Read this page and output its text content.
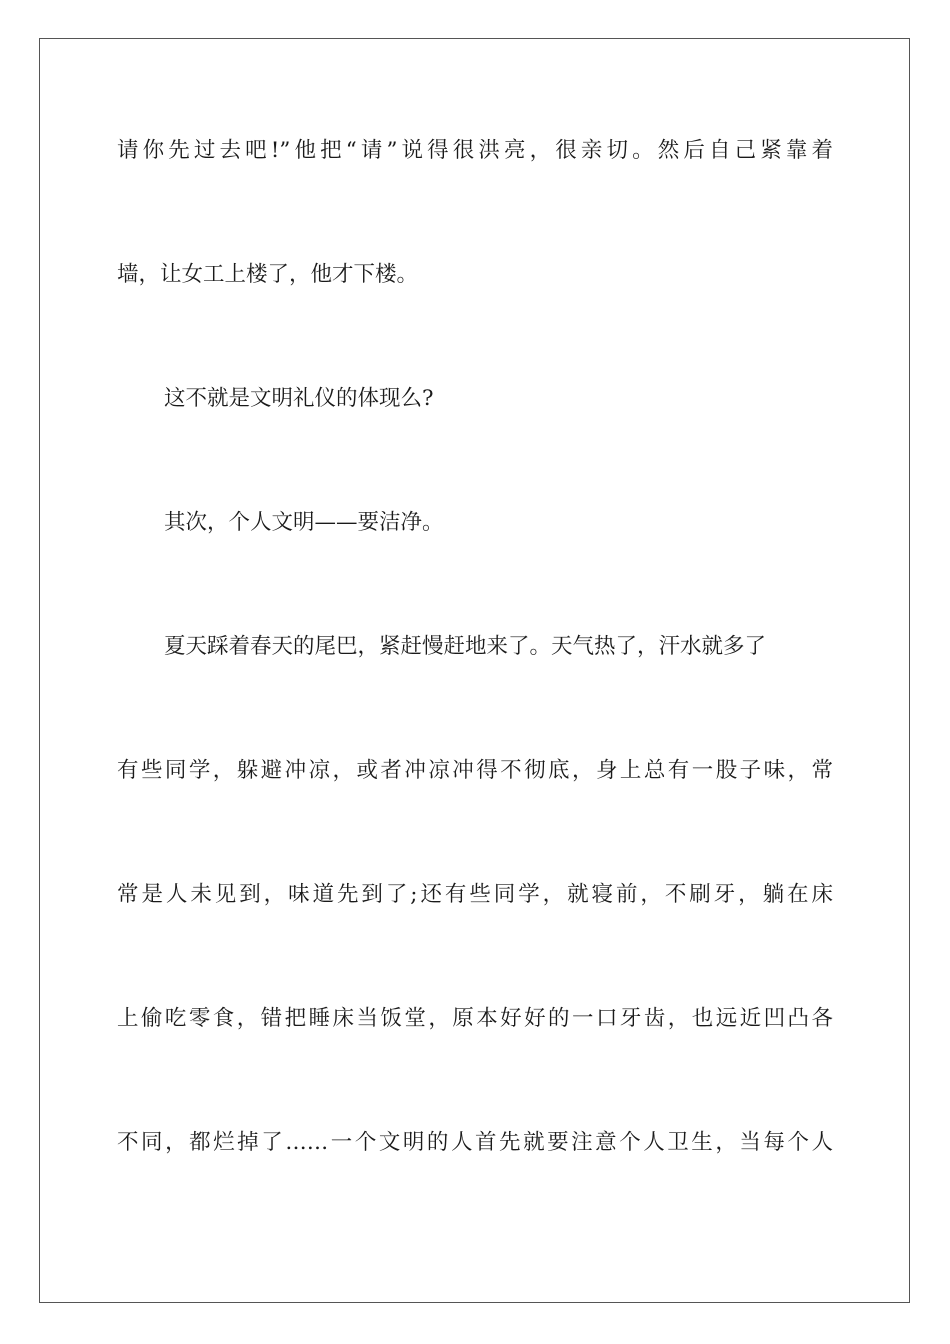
请你先过去吧!”他把“请”说得很洪亮，很亲切。然后自己紧靠着
墙，让女工上楼了，他才下楼。
这不就是文明礼仪的体现么?
其次，个人文明——要洁净。
夏天踩着春天的尾巴，紧赶慢赶地来了。天气热了，汗水就多了
有些同学，躲避冲凉，或者冲凉冲得不彻底，身上总有一股子味，常
常是人未见到，味道先到了;还有些同学，就寝前，不刷牙，躺在床
上偷吃零食，错把睡床当饭堂，原本好好的一口牙齿，也远近凹凸各
不同，都烂掉了……一个文明的人首先就要注意个人卫生，当每个人
